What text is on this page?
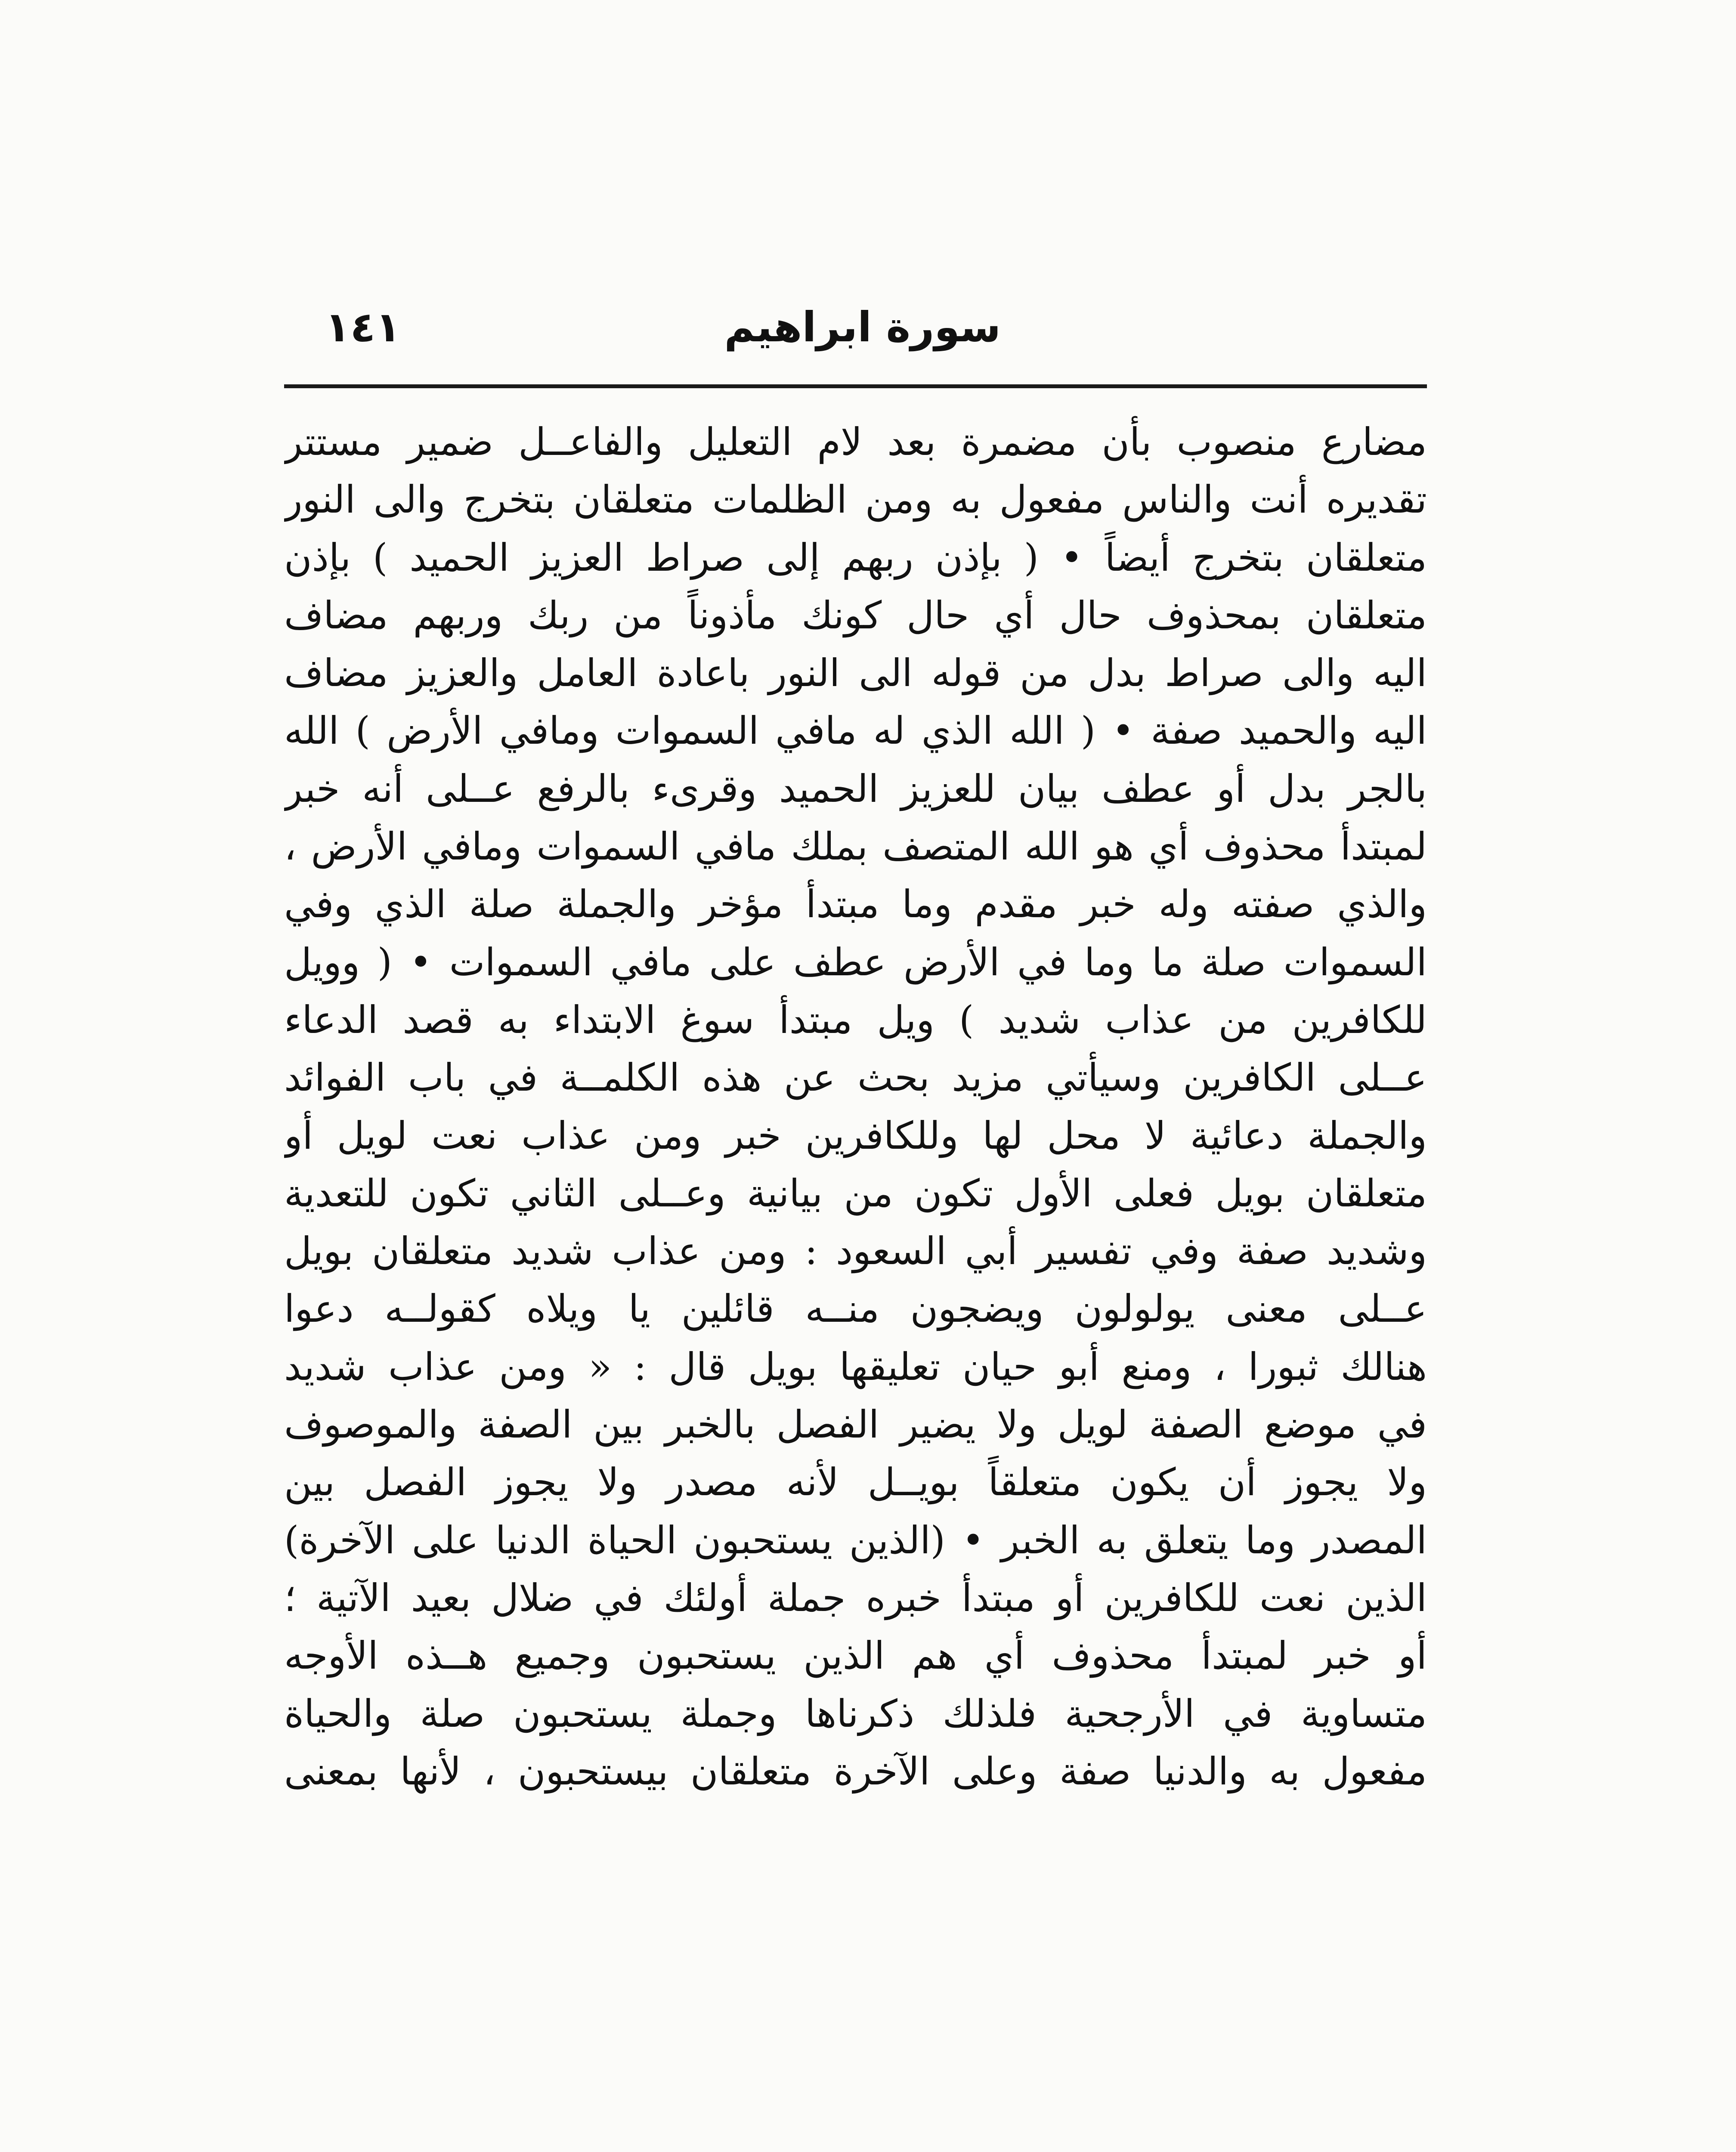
سورة ابراهيم
١٤١
مضارع منصوب بأن مضمرة بعد لام التعليل والفاعــل ضمير مستتر
تقديره أنت والناس مفعول به ومن الظلمات متعلقان بتخرج والى النور
متعلقان بتخرج أيضاً • ( بإذن ربهم إلى صراط العزيز الحميد ) بإذن
متعلقان بمحذوف حال أي حال كونك مأذوناً من ربك وربهم مضاف
اليه والى صراط بدل من قوله الى النور باعادة العامل والعزيز مضاف
اليه والحميد صفة • ( الله الذي له مافي السموات ومافي الأرض ) الله
بالجر بدل أو عطف بيان للعزيز الحميد وقرىء بالرفع عــلى أنه خبر
لمبتدأ محذوف أي هو الله المتصف بملك مافي السموات ومافي الأرض ،
والذي صفته وله خبر مقدم وما مبتدأ مؤخر والجملة صلة الذي وفي
السموات صلة ما وما في الأرض عطف على مافي السموات • ( وويل
للكافرين من عذاب شديد ) ويل مبتدأ سوغ الابتداء به قصد الدعاء
عــلى الكافرين وسيأتي مزيد بحث عن هذه الكلمــة في باب الفوائد
والجملة دعائية لا محل لها وللكافرين خبر ومن عذاب نعت لويل أو
متعلقان بويل فعلى الأول تكون من بيانية وعــلى الثاني تكون للتعدية
وشديد صفة وفي تفسير أبي السعود : ومن عذاب شديد متعلقان بويل
عــلى معنى يولولون ويضجون منــه قائلين يا ويلاه كقولــه دعوا
هنالك ثبورا ، ومنع أبو حيان تعليقها بويل قال : « ومن عذاب شديد
في موضع الصفة لويل ولا يضير الفصل بالخبر بين الصفة والموصوف
ولا يجوز أن يكون متعلقاً بويــل لأنه مصدر ولا يجوز الفصل بين
المصدر وما يتعلق به الخبر • (الذين يستحبون الحياة الدنيا على الآخرة)
الذين نعت للكافرين أو مبتدأ خبره جملة أولئك في ضلال بعيد الآتية ؛
أو خبر لمبتدأ محذوف أي هم الذين يستحبون وجميع هــذه الأوجه
متساوية في الأرجحية فلذلك ذكرناها وجملة يستحبون صلة والحياة
مفعول به والدنيا صفة وعلى الآخرة متعلقان بيستحبون ، لأنها بمعنى
